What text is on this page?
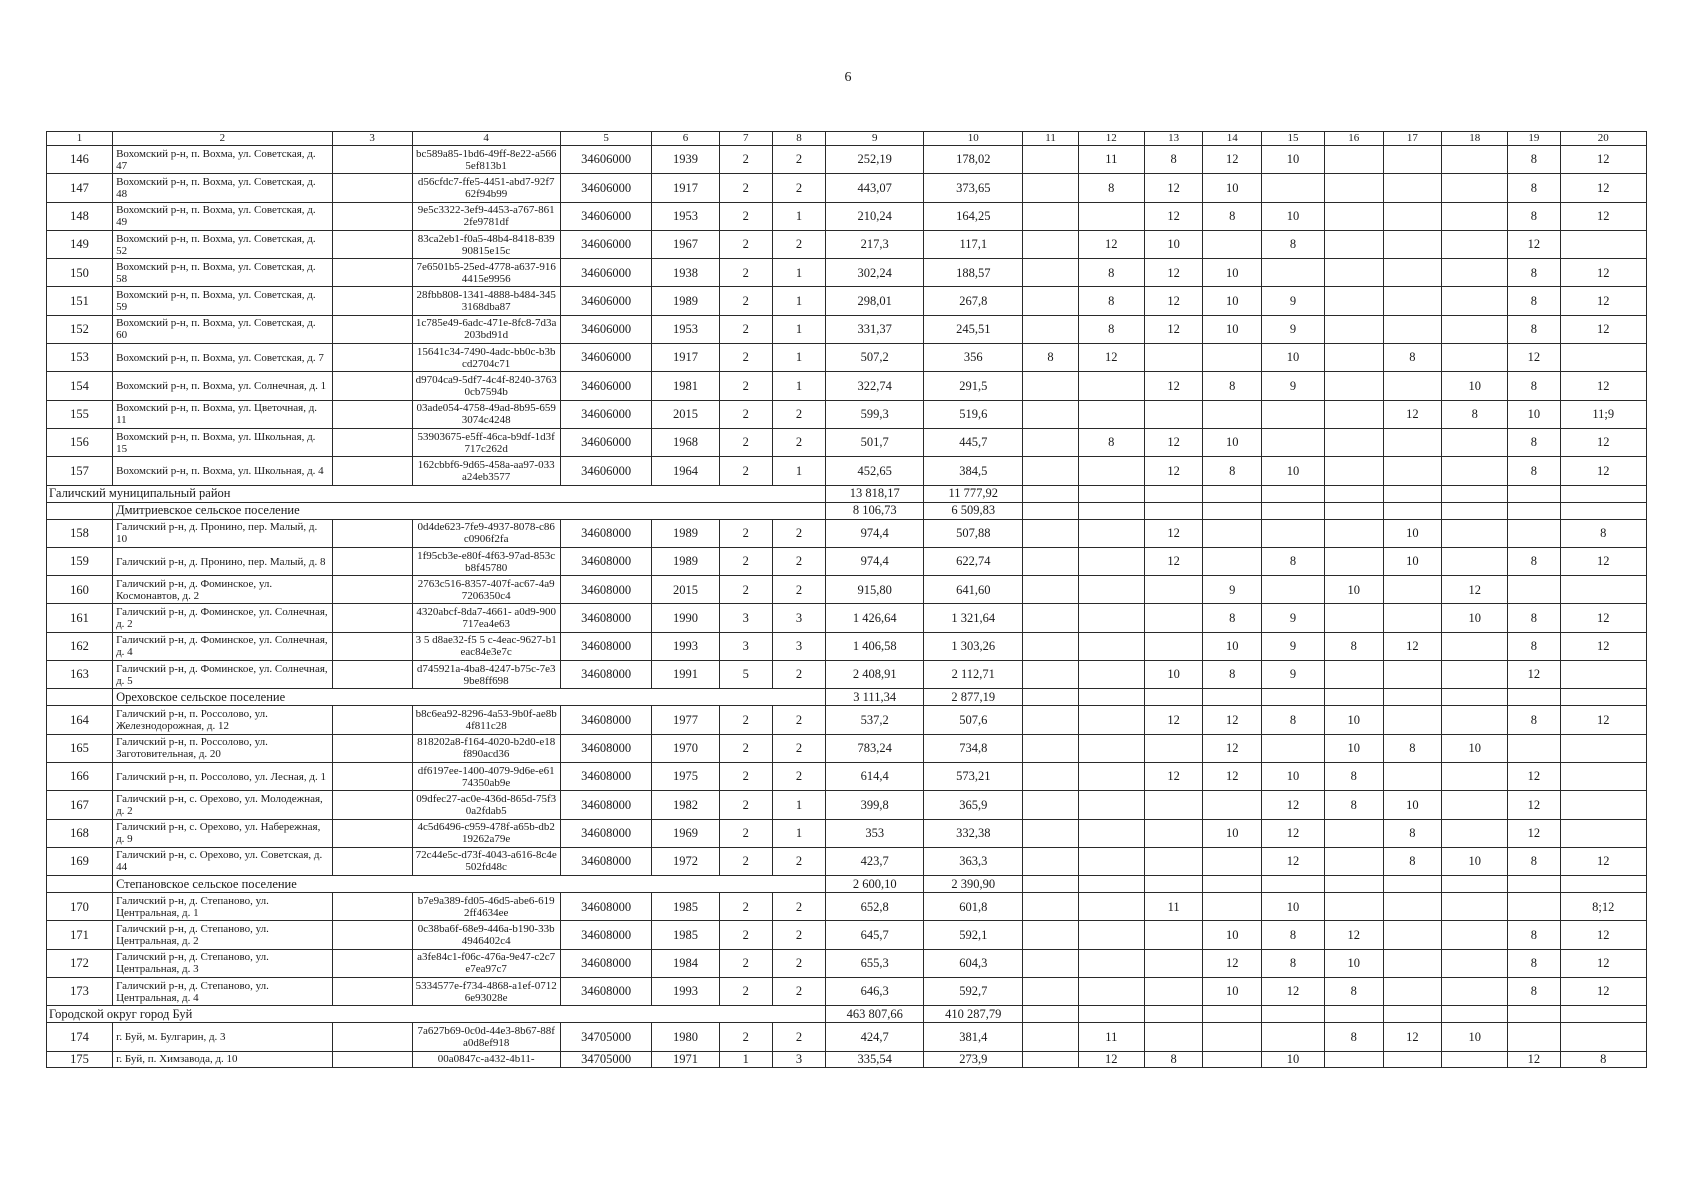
6
1	2	3	4	5	6	7	8	9	10	11	12	13	14	15	16	17	18	19	20
146	Вохомский р-н, п. Вохма, ул. Советская, д. 47		bc589a85-1bd6-49ff-8e22-a5665ef813b1	34606000	1939	2	2	252,19	178,02		11	8	12	10				8	12
147	Вохомский р-н, п. Вохма, ул. Советская, д. 48		d56cfdc7-ffe5-4451-abd7-92f762f94b99	34606000	1917	2	2	443,07	373,65		8	12	10					8	12
148	Вохомский р-н, п. Вохма, ул. Советская, д. 49		9e5c3322-3ef9-4453-a767-8612fe9781df	34606000	1953	2	1	210,24	164,25			12	8	10				8	12
149	Вохомский р-н, п. Вохма, ул. Советская, д. 52		83ca2eb1-f0a5-48b4-8418-83990815e15c	34606000	1967	2	2	217,3	117,1		12	10		8				12	
150	Вохомский р-н, п. Вохма, ул. Советская, д. 58		7e6501b5-25ed-4778-a637-9164415e9956	34606000	1938	2	1	302,24	188,57		8	12	10					8	12
151	Вохомский р-н, п. Вохма, ул. Советская, д. 59		28fbb808-1341-4888-b484-3453168dba87	34606000	1989	2	1	298,01	267,8		8	12	10	9				8	12
152	Вохомский р-н, п. Вохма, ул. Советская, д. 60		1c785e49-6adc-471e-8fc8-7d3a203bd91d	34606000	1953	2	1	331,37	245,51		8	12	10	9				8	12
153	Вохомский р-н, п. Вохма, ул. Советская, д. 7		15641c34-7490-4adc-bb0c-b3bcd2704c71	34606000	1917	2	1	507,2	356	8	12			10		8		12	
154	Вохомский р-н, п. Вохма, ул. Солнечная, д. 1		d9704ca9-5df7-4c4f-8240-37630cb7594b	34606000	1981	2	1	322,74	291,5			12	8	9			10	8	12
155	Вохомский р-н, п. Вохма, ул. Цветочная, д. 11		03ade054-4758-49ad-8b95-6593074c4248	34606000	2015	2	2	599,3	519,6							12	8	10	11;9
156	Вохомский р-н, п. Вохма, ул. Школьная, д. 15		53903675-e5ff-46ca-b9df-1d3f717c262d	34606000	1968	2	2	501,7	445,7		8	12	10					8	12
157	Вохомский р-н, п. Вохма, ул. Школьная, д. 4		162cbbf6-9d65-458a-aa97-033a24eb3577	34606000	1964	2	1	452,65	384,5			12	8	10				8	12
Галичский муниципальный район								13 818,17	11 777,92										
	Дмитриевское сельское поселение							8 106,73	6 509,83										
158	Галичский р-н, д. Пронино, пер. Малый, д. 10		0d4de623-7fe9-4937-8078-c86c0906f2fa	34608000	1989	2	2	974,4	507,88			12				10			8
159	Галичский р-н, д. Пронино, пер. Малый, д. 8		1f95cb3e-e80f-4f63-97ad-853cb8f45780	34608000	1989	2	2	974,4	622,74			12		8		10		8	12
160	Галичский р-н, д. Фоминское, ул. Космонавтов, д. 2		2763c516-8357-407f-ac67-4a97206350c4	34608000	2015	2	2	915,80	641,60				9		10		12		
161	Галичский р-н, д. Фоминское, ул. Солнечная, д. 2		4320abcf-8da7-4661- a0d9-900717ea4e63	34608000	1990	3	3	1 426,64	1 321,64				8	9			10	8	12
162	Галичский р-н, д. Фоминское, ул. Солнечная, д. 4		3 5 d8ae32-f5 5 c-4eac-9627-b1eac84e3e7c	34608000	1993	3	3	1 406,58	1 303,26				10	9	8	12		8	12
163	Галичский р-н, д. Фоминское, ул. Солнечная, д. 5		d745921a-4ba8-4247-b75c-7e39be8ff698	34608000	1991	5	2	2 408,91	2 112,71			10	8	9				12	
	Ореховское сельское поселение							3 111,34	2 877,19										
164	Галичский р-н, п. Россолово, ул. Железнодорожная, д. 12		b8c6ea92-8296-4a53-9b0f-ae8b4f811c28	34608000	1977	2	2	537,2	507,6			12	12	8	10			8	12
165	Галичский р-н, п. Россолово, ул. Заготовительная, д. 20		818202a8-f164-4020-b2d0-e18f890acd36	34608000	1970	2	2	783,24	734,8				12		10	8	10		
166	Галичский р-н, п. Россолово, ул. Лесная, д. 1		df6197ee-1400-4079-9d6e-e6174350ab9e	34608000	1975	2	2	614,4	573,21			12	12	10	8			12	
167	Галичский р-н, с. Орехово, ул. Молодежная, д. 2		09dfec27-ac0e-436d-865d-75f30a2fdab5	34608000	1982	2	1	399,8	365,9					12	8	10		12	
168	Галичский р-н, с. Орехово, ул. Набережная, д. 9		4c5d6496-c959-478f-a65b-db219262a79e	34608000	1969	2	1	353	332,38				10	12		8		12	
169	Галичский р-н, с. Орехово, ул. Советская, д. 44		72c44e5c-d73f-4043-a616-8c4e502fd48c	34608000	1972	2	2	423,7	363,3					12		8	10	8	12
	Степановское сельское поселение							2 600,10	2 390,90										
170	Галичский р-н, д. Степаново, ул. Центральная, д. 1		b7e9a389-fd05-46d5-abe6-6192ff4634ee	34608000	1985	2	2	652,8	601,8			11		10					8;12
171	Галичский р-н, д. Степаново, ул. Центральная, д. 2		0c38ba6f-68e9-446a-b190-33b4946402c4	34608000	1985	2	2	645,7	592,1				10	8	12			8	12
172	Галичский р-н, д. Степаново, ул. Центральная, д. 3		a3fe84c1-f06c-476a-9e47-c2c7e7ea97c7	34608000	1984	2	2	655,3	604,3				12	8	10			8	12
173	Галичский р-н, д. Степаново, ул. Центральная, д. 4		5334577e-f734-4868-a1ef-07126e93028e	34608000	1993	2	2	646,3	592,7				10	12	8			8	12
Городской округ город Буй								463 807,66	410 287,79										
174	г. Буй, м. Булгарин, д. 3		7a627b69-0c0d-44e3-8b67-88fa0d8ef918	34705000	1980	2	2	424,7	381,4		11				8	12	10		
175	г. Буй, п. Химзавода, д. 10		00a0847c-a432-4b11-	34705000	1971	1	3	335,54	273,9		12	8		10				12	8
